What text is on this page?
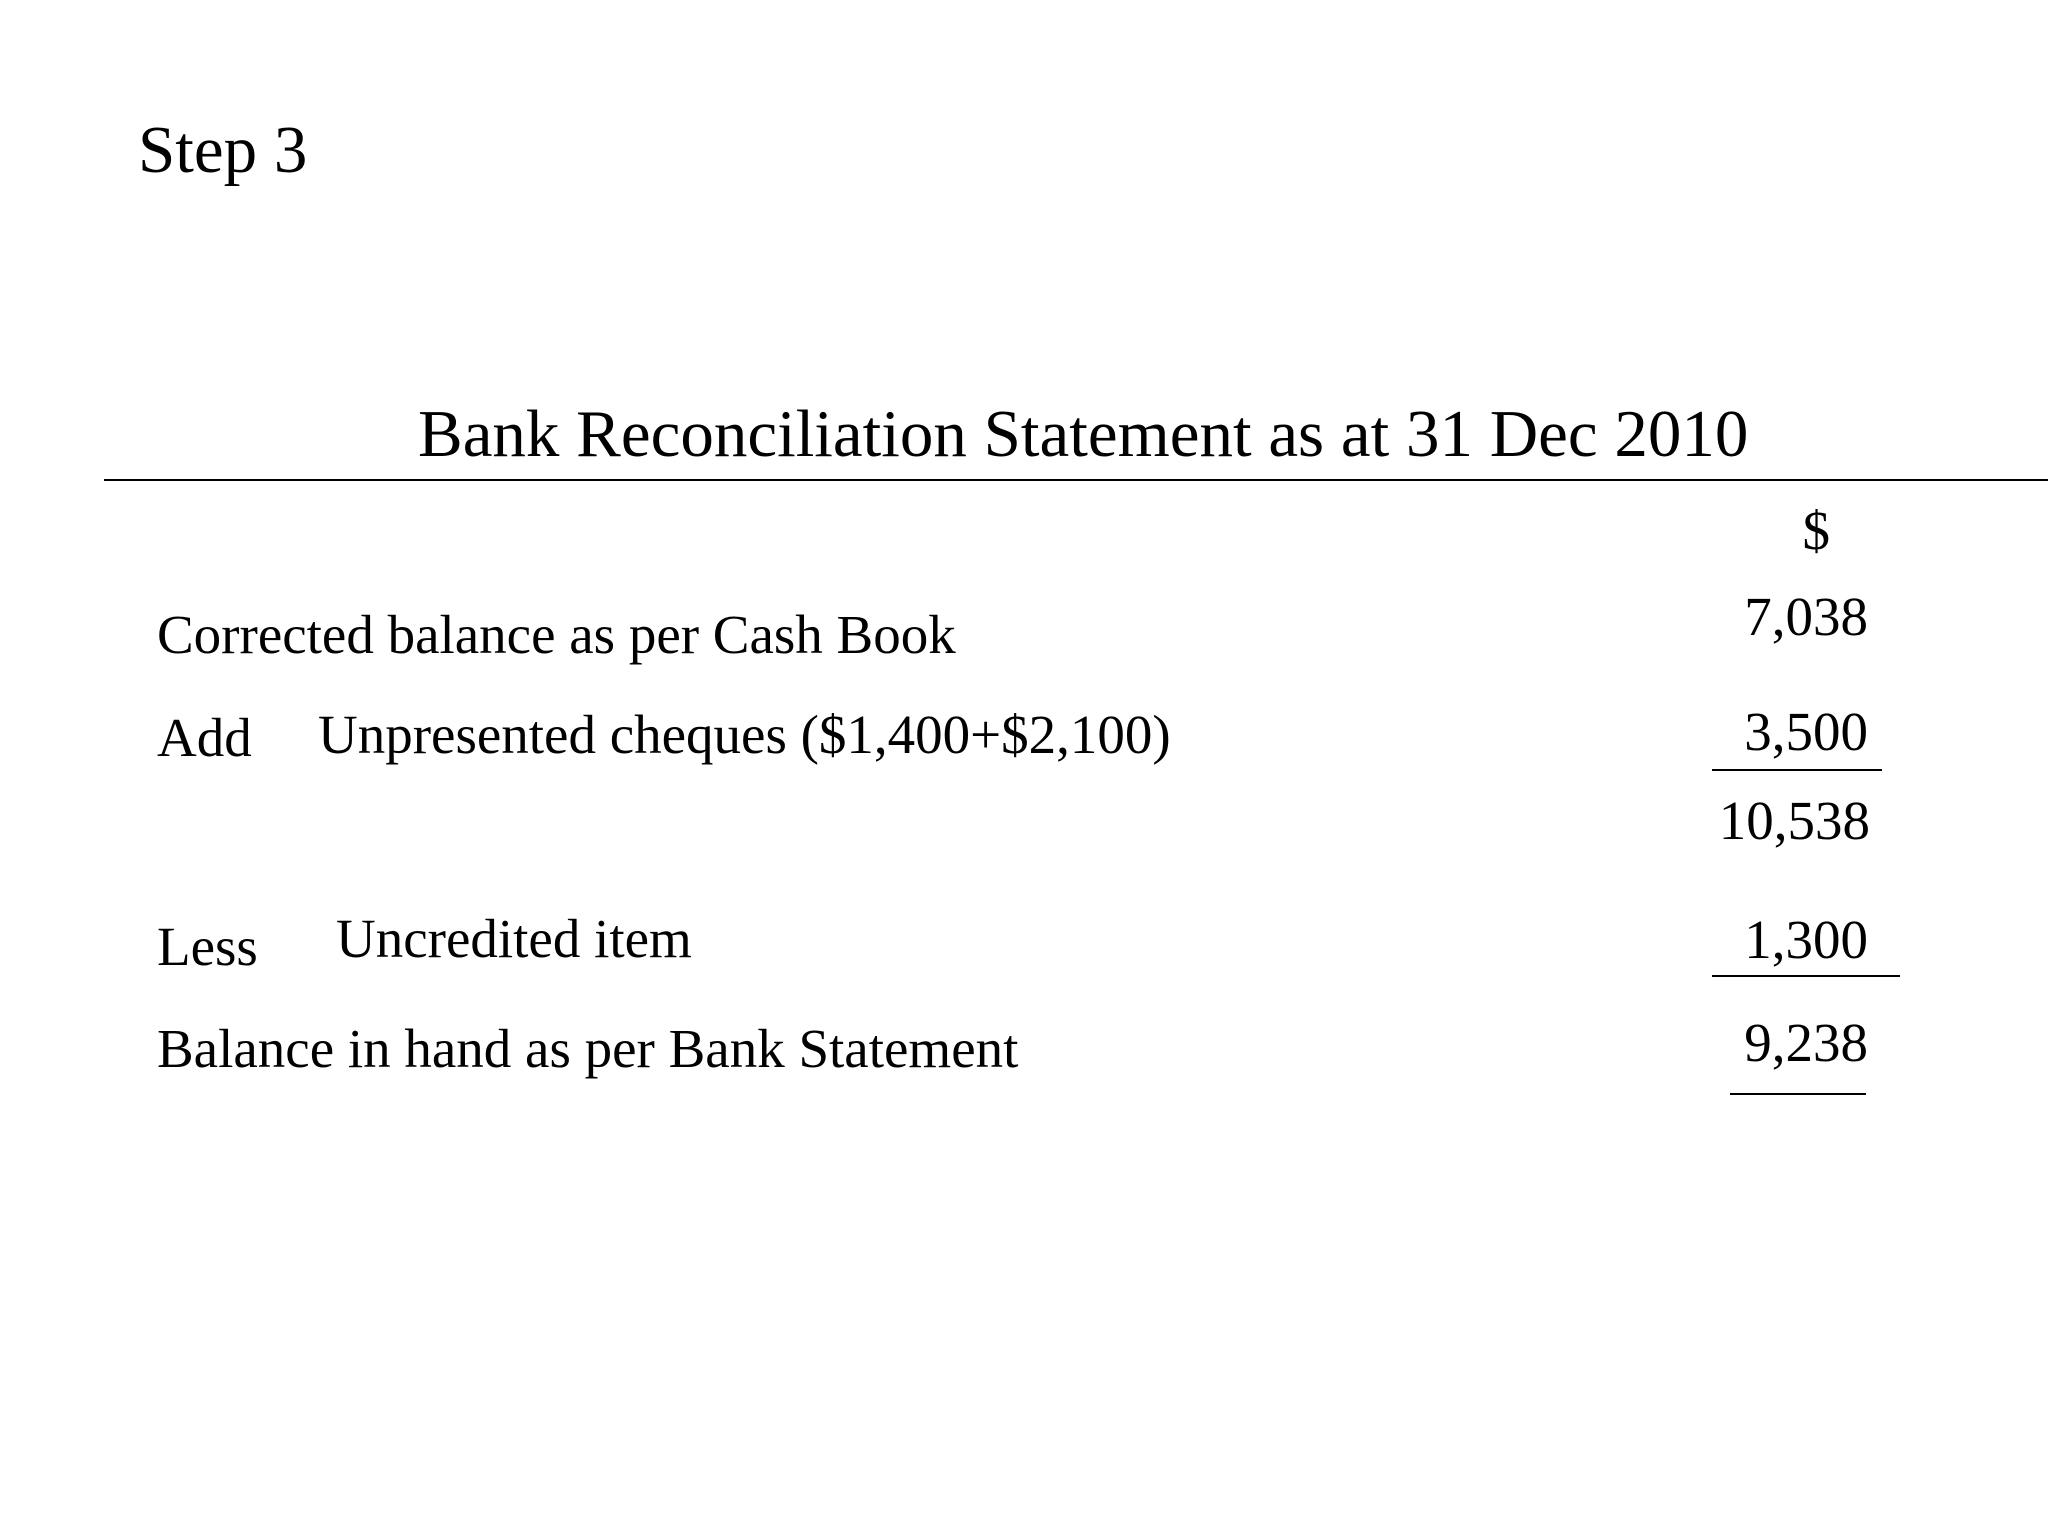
Step 3
Bank Reconciliation Statement as at 31 Dec 2010
$
Corrected balance as per Cash Book	7,038
Add Unpresented cheques ($1,400+$2,100)	3,500
10,538
Less Uncredited item	1,300
Balance in hand as per Bank Statement	9,238
